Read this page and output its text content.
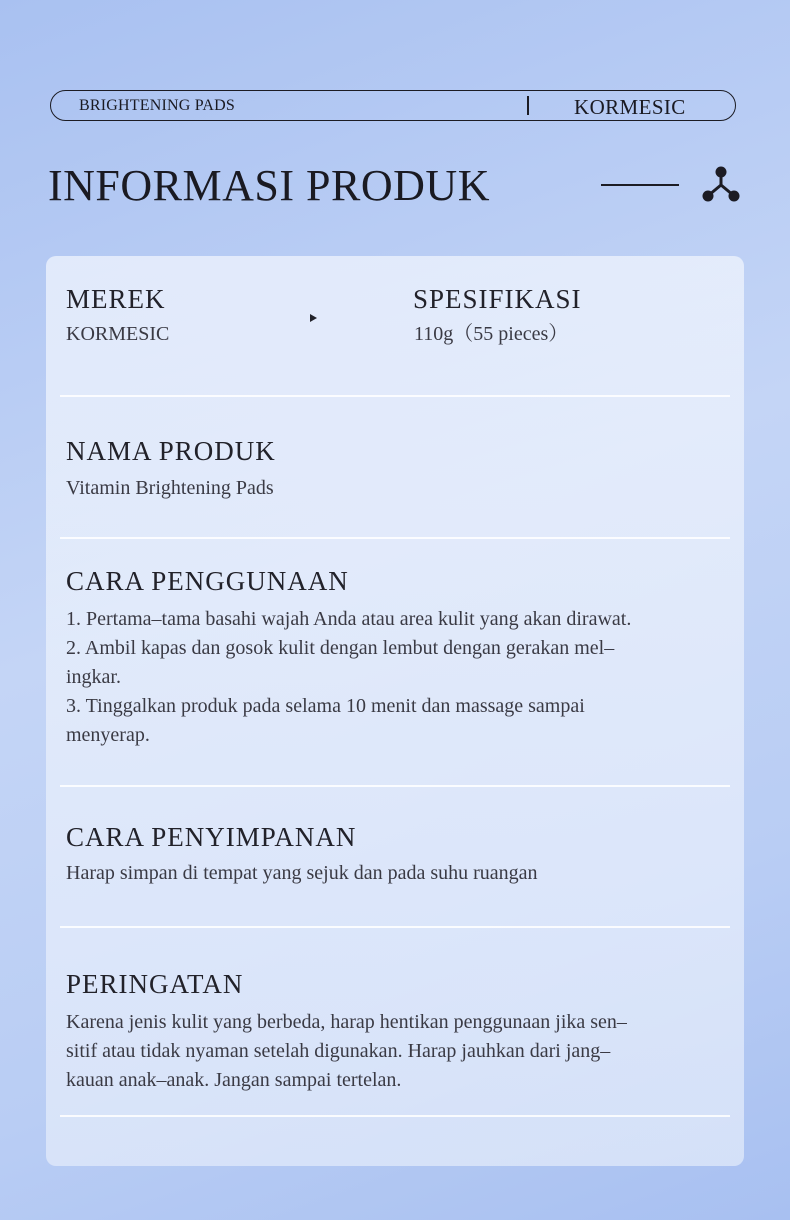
BRIGHTENING PADS	KORMESIC
INFORMASI PRODUK
MEREK
KORMESIC
SPESIFIKASI
110g（55 pieces）
NAMA PRODUK
Vitamin Brightening Pads
CARA PENGGUNAAN
1. Pertama–tama basahi wajah Anda atau area kulit yang akan dirawat.
2. Ambil kapas dan gosok kulit dengan lembut dengan gerakan mel–
ingkar.
3. Tinggalkan produk pada selama 10 menit dan massage sampai
menyerap.
CARA PENYIMPANAN
Harap simpan di tempat yang sejuk dan pada suhu ruangan
PERINGATAN
Karena jenis kulit yang berbeda, harap hentikan penggunaan jika sen–
sitif atau tidak nyaman setelah digunakan. Harap jauhkan dari jang–
kauan anak–anak. Jangan sampai tertelan.
